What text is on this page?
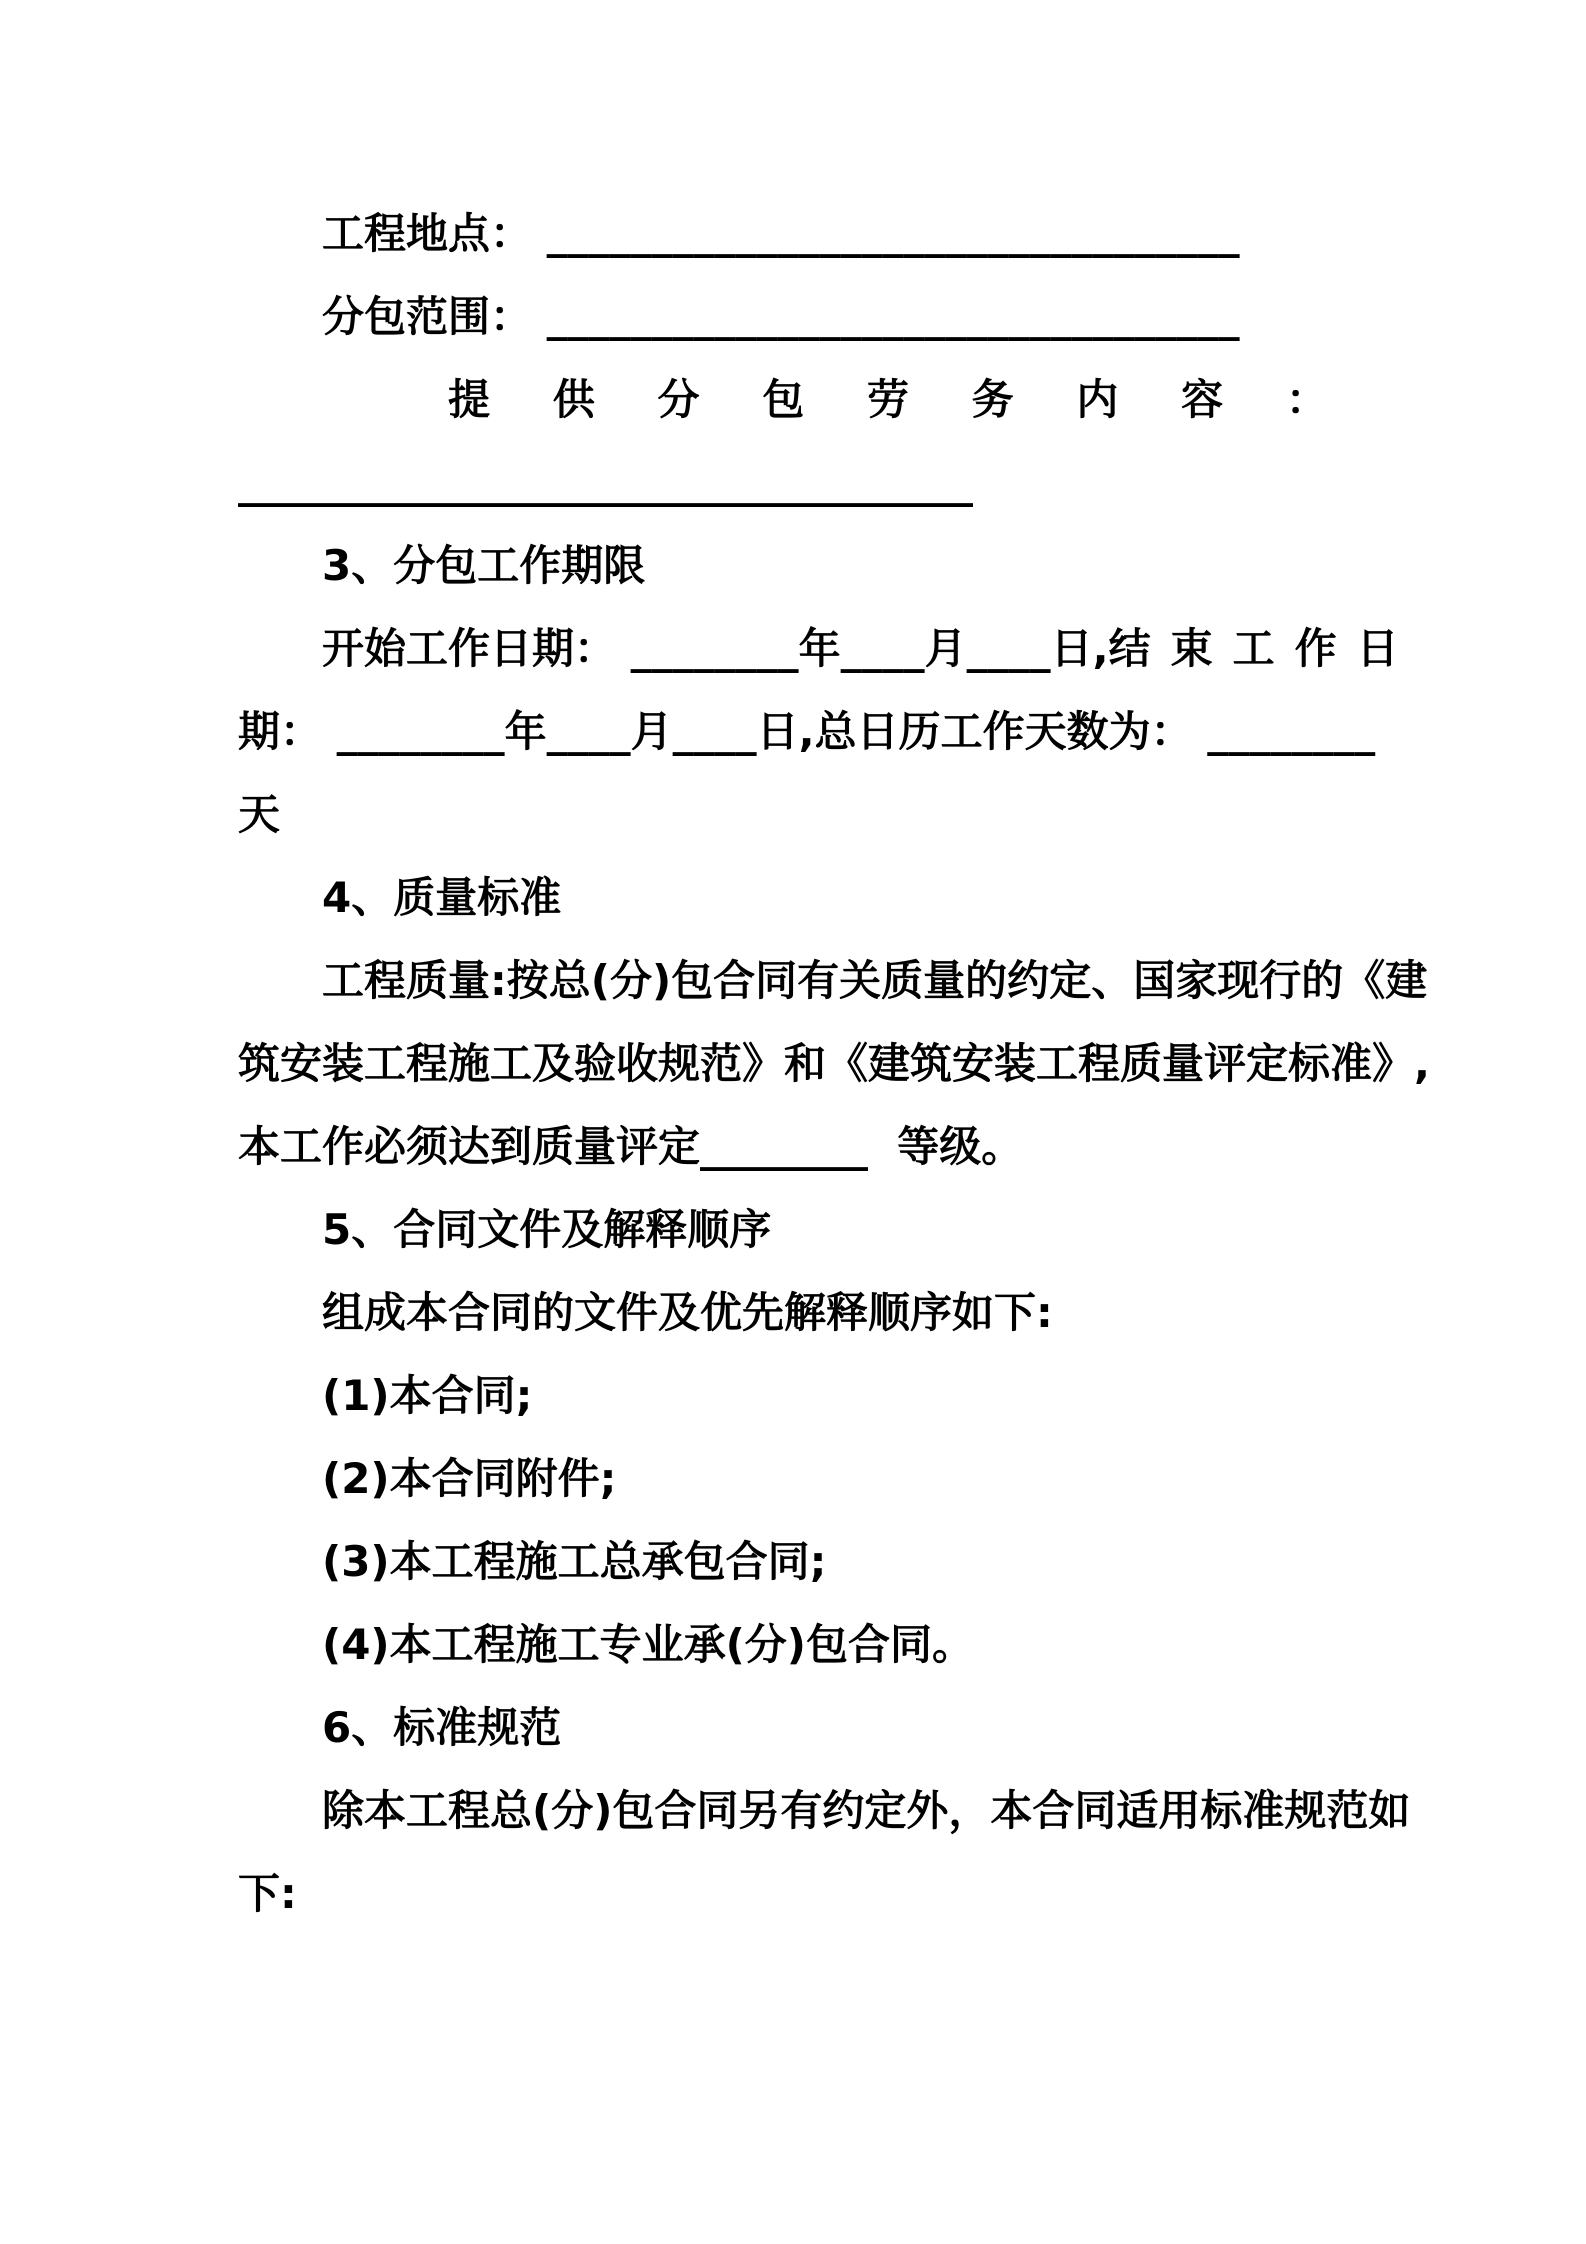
工程地点： _________________________________
分包范围： _________________________________
提 供 分 包 劳 务 内 容 ：
___________________________________
3、分包工作期限
开始工作日期： ________年____月____日, 结束工作日
期： ________年____月____日,总日历工作天数为： ________
天
4、质量标准
工程质量:按总(分)包合同有关质量的约定、国家现行的《建
筑安装工程施工及验收规范》和《建筑安装工程质量评定标准》,
本工作必须达到质量评定________  等级。
5、合同文件及解释顺序
组成本合同的文件及优先解释顺序如下:
(1)本合同;
(2)本合同附件;
(3)本工程施工总承包合同;
(4)本工程施工专业承(分)包合同。
6、标准规范
除本工程总(分)包合同另有约定外，本合同适用标准规范如
下:
